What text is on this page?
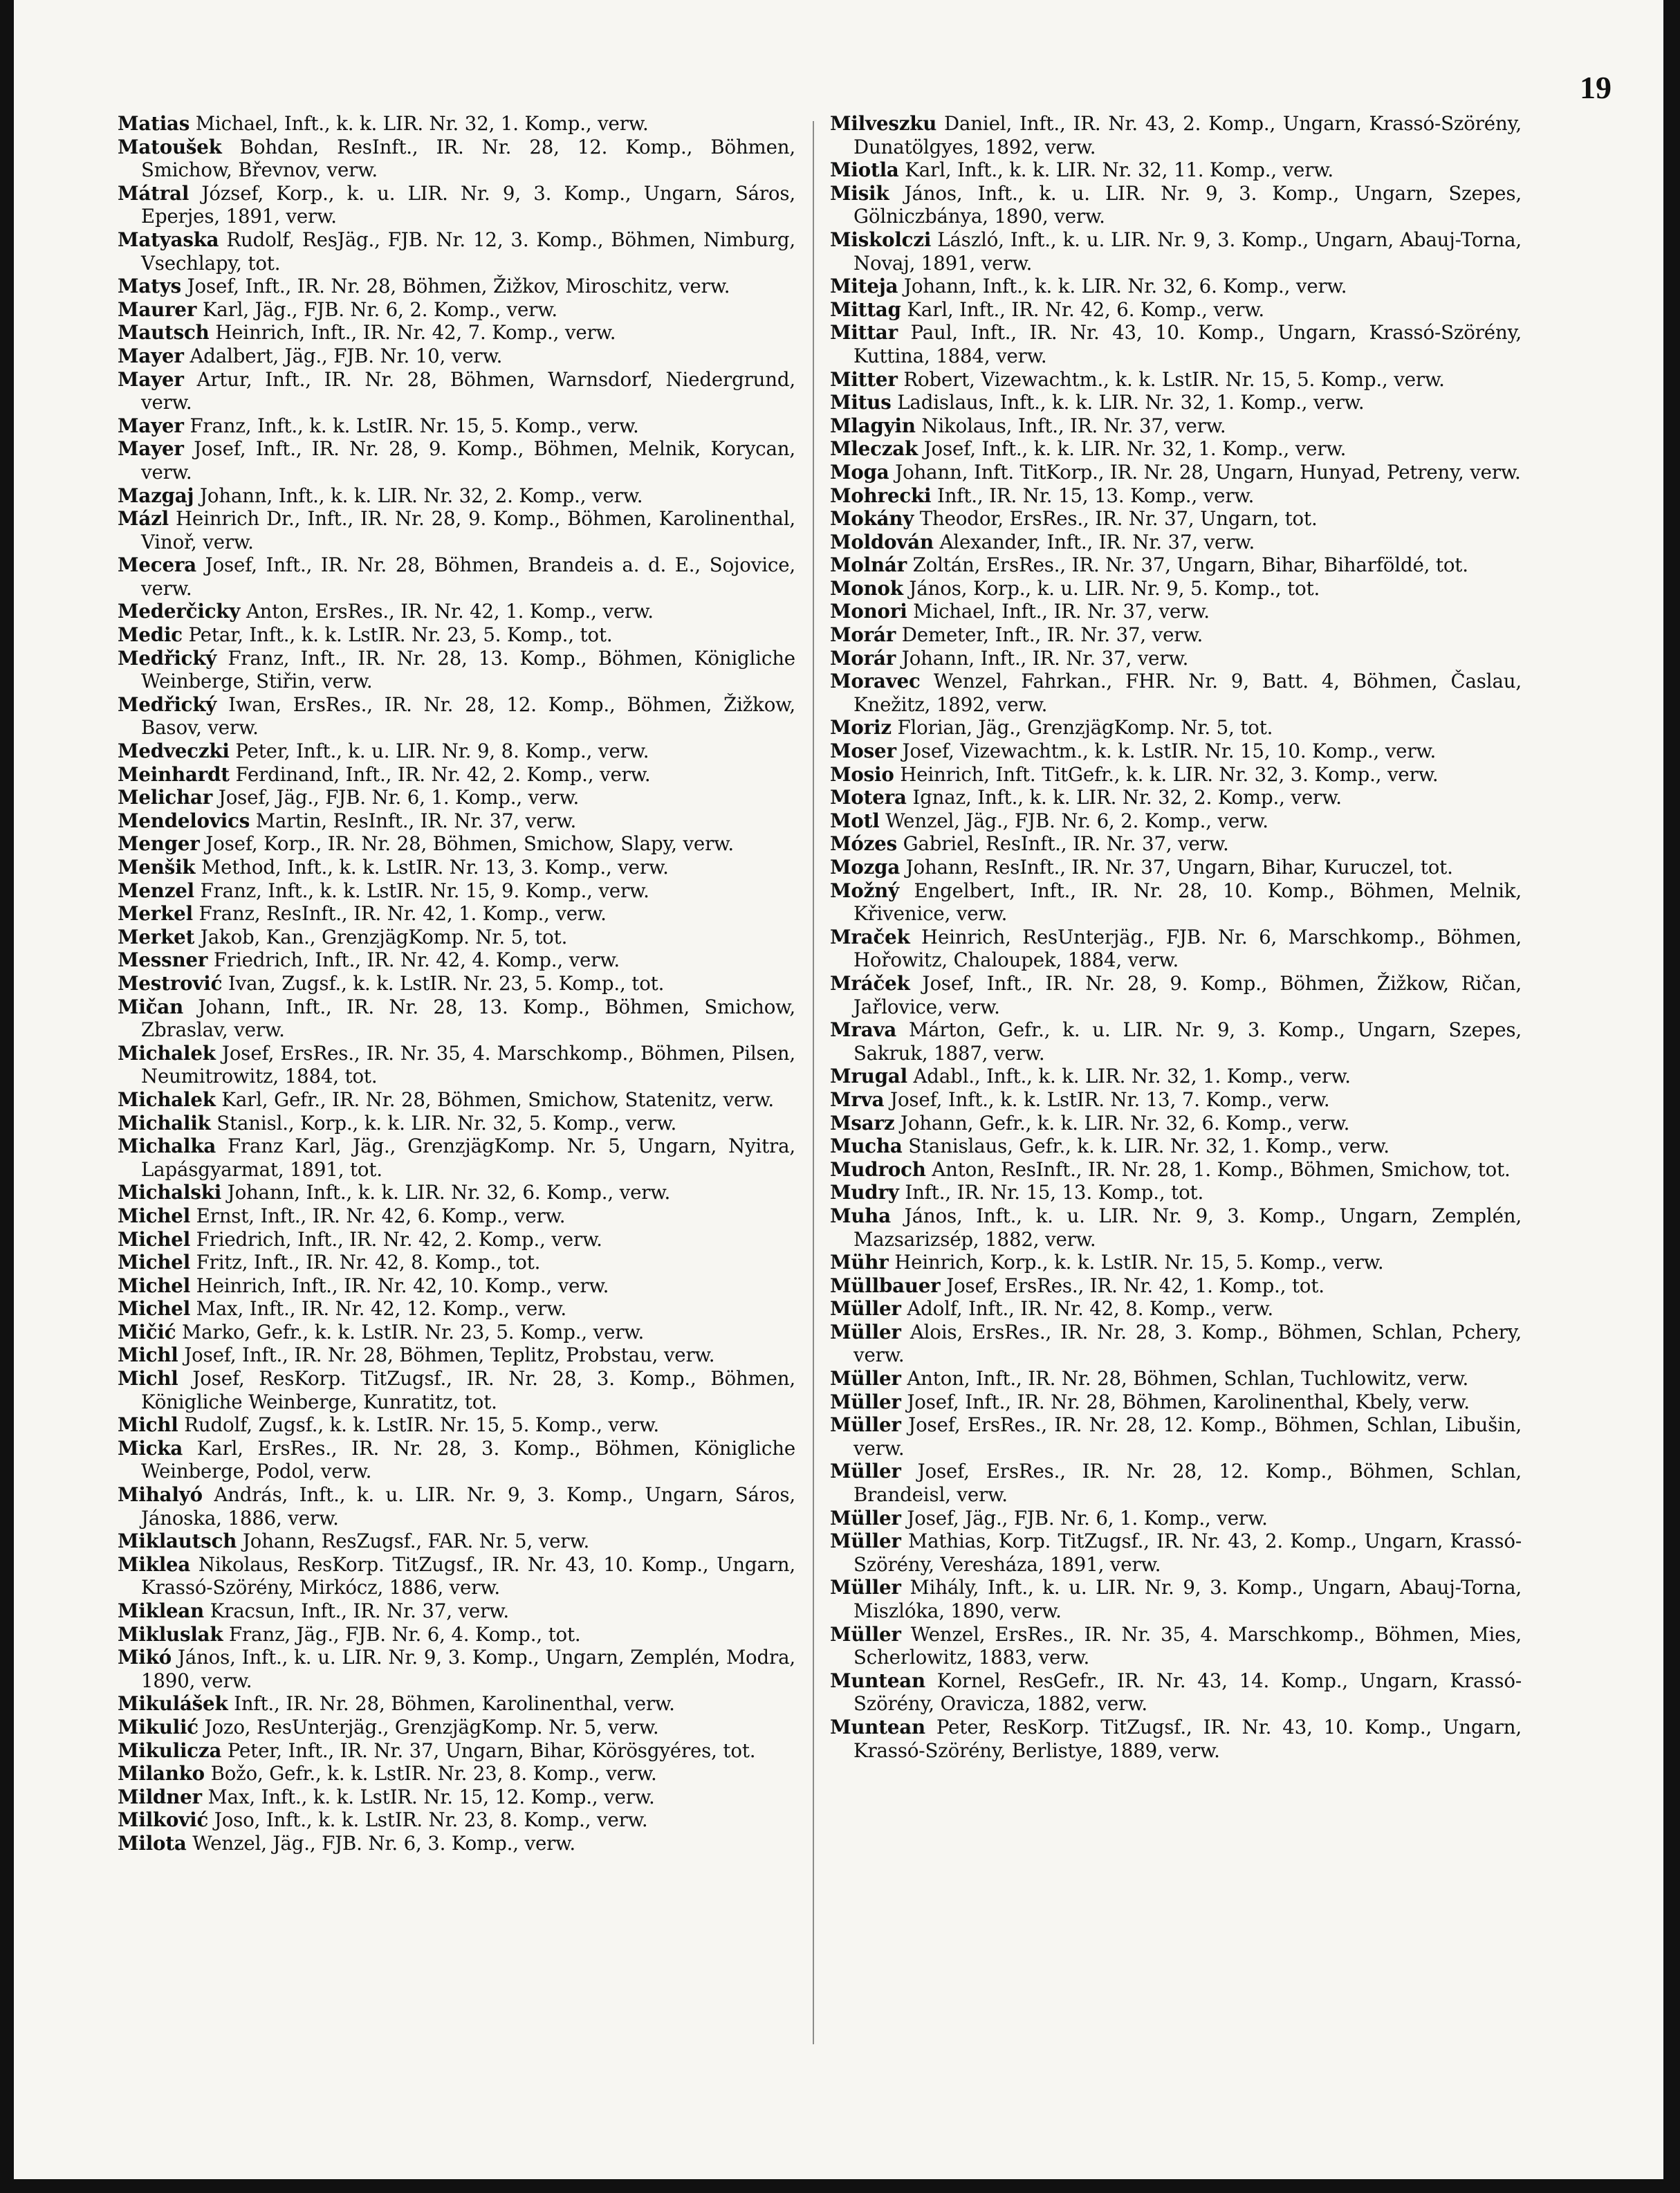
19

Matias Michael, Inft., k. k. LIR. Nr. 32, 1. Komp., verw.

Matoušek Bohdan, ResInft., IR. Nr. 28, 12. Komp., Böhmen, Smichow, Břevnov, verw.

Mátral József, Korp., k. u. LIR. Nr. 9, 3. Komp., Ungarn, Sáros, Eperjes, 1891, verw.

Matyaska Rudolf, ResJäg., FJB. Nr. 12, 3. Komp., Böhmen, Nimburg, Vsechlapy, tot.

Matys Josef, Inft., IR. Nr. 28, Böhmen, Žižkov, Miroschitz, verw.

Maurer Karl, Jäg., FJB. Nr. 6, 2. Komp., verw.

Mautsch Heinrich, Inft., IR. Nr. 42, 7. Komp., verw.

Mayer Adalbert, Jäg., FJB. Nr. 10, verw.

Mayer Artur, Inft., IR. Nr. 28, Böhmen, Warnsdorf, Niedergrund, verw.

Mayer Franz, Inft., k. k. LstIR. Nr. 15, 5. Komp., verw.

Mayer Josef, Inft., IR. Nr. 28, 9. Komp., Böhmen, Melnik, Korycan, verw.

Mazgaj Johann, Inft., k. k. LIR. Nr. 32, 2. Komp., verw.

Mázl Heinrich Dr., Inft., IR. Nr. 28, 9. Komp., Böhmen, Karolinenthal, Vinoř, verw.

Mecera Josef, Inft., IR. Nr. 28, Böhmen, Brandeis a. d. E., Sojovice, verw.

Mederčicky Anton, ErsRes., IR. Nr. 42, 1. Komp., verw.

Medic Petar, Inft., k. k. LstIR. Nr. 23, 5. Komp., tot.

Medřický Franz, Inft., IR. Nr. 28, 13. Komp., Böhmen, Königliche Weinberge, Stiřin, verw.

Medřický Iwan, ErsRes., IR. Nr. 28, 12. Komp., Böhmen, Žižkow, Basov, verw.

Medveczki Peter, Inft., k. u. LIR. Nr. 9, 8. Komp., verw.

Meinhardt Ferdinand, Inft., IR. Nr. 42, 2. Komp., verw.

Melichar Josef, Jäg., FJB. Nr. 6, 1. Komp., verw.

Mendelovics Martin, ResInft., IR. Nr. 37, verw.

Menger Josef, Korp., IR. Nr. 28, Böhmen, Smichow, Slapy, verw.

Menšik Method, Inft., k. k. LstIR. Nr. 13, 3. Komp., verw.

Menzel Franz, Inft., k. k. LstIR. Nr. 15, 9. Komp., verw.

Merkel Franz, ResInft., IR. Nr. 42, 1. Komp., verw.

Merket Jakob, Kan., GrenzjägKomp. Nr. 5, tot.

Messner Friedrich, Inft., IR. Nr. 42, 4. Komp., verw.

Mestrović Ivan, Zugsf., k. k. LstIR. Nr. 23, 5. Komp., tot.

Mičan Johann, Inft., IR. Nr. 28, 13. Komp., Böhmen, Smichow, Zbraslav, verw.

Michalek Josef, ErsRes., IR. Nr. 35, 4. Marschkomp., Böhmen, Pilsen, Neumitrowitz, 1884, tot.

Michalek Karl, Gefr., IR. Nr. 28, Böhmen, Smichow, Statenitz, verw.

Michalik Stanisl., Korp., k. k. LIR. Nr. 32, 5. Komp., verw.

Michalka Franz Karl, Jäg., GrenzjägKomp. Nr. 5, Ungarn, Nyitra, Lapásgyarmat, 1891, tot.

Michalski Johann, Inft., k. k. LIR. Nr. 32, 6. Komp., verw.

Michel Ernst, Inft., IR. Nr. 42, 6. Komp., verw.

Michel Friedrich, Inft., IR. Nr. 42, 2. Komp., verw.

Michel Fritz, Inft., IR. Nr. 42, 8. Komp., tot.

Michel Heinrich, Inft., IR. Nr. 42, 10. Komp., verw.

Michel Max, Inft., IR. Nr. 42, 12. Komp., verw.

Mičić Marko, Gefr., k. k. LstIR. Nr. 23, 5. Komp., verw.

Michl Josef, Inft., IR. Nr. 28, Böhmen, Teplitz, Probstau, verw.

Michl Josef, ResKorp. TitZugsf., IR. Nr. 28, 3. Komp., Böhmen, Königliche Weinberge, Kunratitz, tot.

Michl Rudolf, Zugsf., k. k. LstIR. Nr. 15, 5. Komp., verw.

Micka Karl, ErsRes., IR. Nr. 28, 3. Komp., Böhmen, Königliche Weinberge, Podol, verw.

Mihalyó András, Inft., k. u. LIR. Nr. 9, 3. Komp., Ungarn, Sáros, Jánoska, 1886, verw.

Miklautsch Johann, ResZugsf., FAR. Nr. 5, verw.

Miklea Nikolaus, ResKorp. TitZugsf., IR. Nr. 43, 10. Komp., Ungarn, Krassó-Szörény, Mirkócz, 1886, verw.

Miklean Kracsun, Inft., IR. Nr. 37, verw.

Mikluslak Franz, Jäg., FJB. Nr. 6, 4. Komp., tot.

Mikó János, Inft., k. u. LIR. Nr. 9, 3. Komp., Ungarn, Zemplén, Modra, 1890, verw.

Mikulášek Inft., IR. Nr. 28, Böhmen, Karolinenthal, verw.

Mikulić Jozo, ResUnterjäg., GrenzjägKomp. Nr. 5, verw.

Mikulicza Peter, Inft., IR. Nr. 37, Ungarn, Bihar, Körösgyéres, tot.

Milanko Božo, Gefr., k. k. LstIR. Nr. 23, 8. Komp., verw.

Mildner Max, Inft., k. k. LstIR. Nr. 15, 12. Komp., verw.

Milković Joso, Inft., k. k. LstIR. Nr. 23, 8. Komp., verw.

Milota Wenzel, Jäg., FJB. Nr. 6, 3. Komp., verw.

Milveszku Daniel, Inft., IR. Nr. 43, 2. Komp., Ungarn, Krassó-Szörény, Dunatölgyes, 1892, verw.

Miotla Karl, Inft., k. k. LIR. Nr. 32, 11. Komp., verw.

Misik János, Inft., k. u. LIR. Nr. 9, 3. Komp., Ungarn, Szepes, Gölniczbánya, 1890, verw.

Miskolczi László, Inft., k. u. LIR. Nr. 9, 3. Komp., Ungarn, Abauj-Torna, Novaj, 1891, verw.

Miteja Johann, Inft., k. k. LIR. Nr. 32, 6. Komp., verw.

Mittag Karl, Inft., IR. Nr. 42, 6. Komp., verw.

Mittar Paul, Inft., IR. Nr. 43, 10. Komp., Ungarn, Krassó-Szörény, Kuttina, 1884, verw.

Mitter Robert, Vizewachtm., k. k. LstIR. Nr. 15, 5. Komp., verw.

Mitus Ladislaus, Inft., k. k. LIR. Nr. 32, 1. Komp., verw.

Mlagyin Nikolaus, Inft., IR. Nr. 37, verw.

Mleczak Josef, Inft., k. k. LIR. Nr. 32, 1. Komp., verw.

Moga Johann, Inft. TitKorp., IR. Nr. 28, Ungarn, Hunyad, Petreny, verw.

Mohrecki Inft., IR. Nr. 15, 13. Komp., verw.

Mokány Theodor, ErsRes., IR. Nr. 37, Ungarn, tot.

Moldován Alexander, Inft., IR. Nr. 37, verw.

Molnár Zoltán, ErsRes., IR. Nr. 37, Ungarn, Bihar, Biharföldé, tot.

Monok János, Korp., k. u. LIR. Nr. 9, 5. Komp., tot.

Monori Michael, Inft., IR. Nr. 37, verw.

Morár Demeter, Inft., IR. Nr. 37, verw.

Morár Johann, Inft., IR. Nr. 37, verw.

Moravec Wenzel, Fahrkan., FHR. Nr. 9, Batt. 4, Böhmen, Časlau, Knežitz, 1892, verw.

Moriz Florian, Jäg., GrenzjägKomp. Nr. 5, tot.

Moser Josef, Vizewachtm., k. k. LstIR. Nr. 15, 10. Komp., verw.

Mosio Heinrich, Inft. TitGefr., k. k. LIR. Nr. 32, 3. Komp., verw.

Motera Ignaz, Inft., k. k. LIR. Nr. 32, 2. Komp., verw.

Motl Wenzel, Jäg., FJB. Nr. 6, 2. Komp., verw.

Mózes Gabriel, ResInft., IR. Nr. 37, verw.

Mozga Johann, ResInft., IR. Nr. 37, Ungarn, Bihar, Kuruczel, tot.

Možný Engelbert, Inft., IR. Nr. 28, 10. Komp., Böhmen, Melnik, Křivenice, verw.

Mraček Heinrich, ResUnterjäg., FJB. Nr. 6, Marschkomp., Böhmen, Hořowitz, Chaloupek, 1884, verw.

Mráček Josef, Inft., IR. Nr. 28, 9. Komp., Böhmen, Žižkow, Ričan, Jařlovice, verw.

Mrava Márton, Gefr., k. u. LIR. Nr. 9, 3. Komp., Ungarn, Szepes, Sakruk, 1887, verw.

Mrugal Adabl., Inft., k. k. LIR. Nr. 32, 1. Komp., verw.

Mrva Josef, Inft., k. k. LstIR. Nr. 13, 7. Komp., verw.

Msarz Johann, Gefr., k. k. LIR. Nr. 32, 6. Komp., verw.

Mucha Stanislaus, Gefr., k. k. LIR. Nr. 32, 1. Komp., verw.

Mudroch Anton, ResInft., IR. Nr. 28, 1. Komp., Böhmen, Smichow, tot.

Mudry Inft., IR. Nr. 15, 13. Komp., tot.

Muha János, Inft., k. u. LIR. Nr. 9, 3. Komp., Ungarn, Zemplén, Mazsarizsép, 1882, verw.

Mühr Heinrich, Korp., k. k. LstIR. Nr. 15, 5. Komp., verw.

Müllbauer Josef, ErsRes., IR. Nr. 42, 1. Komp., tot.

Müller Adolf, Inft., IR. Nr. 42, 8. Komp., verw.

Müller Alois, ErsRes., IR. Nr. 28, 3. Komp., Böhmen, Schlan, Pchery, verw.

Müller Anton, Inft., IR. Nr. 28, Böhmen, Schlan, Tuchlowitz, verw.

Müller Josef, Inft., IR. Nr. 28, Böhmen, Karolinenthal, Kbely, verw.

Müller Josef, ErsRes., IR. Nr. 28, 12. Komp., Böhmen, Schlan, Libušin, verw.

Müller Josef, ErsRes., IR. Nr. 28, 12. Komp., Böhmen, Schlan, Brandeisl, verw.

Müller Josef, Jäg., FJB. Nr. 6, 1. Komp., verw.

Müller Mathias, Korp. TitZugsf., IR. Nr. 43, 2. Komp., Ungarn, Krassó-Szörény, Veresháza, 1891, verw.

Müller Mihály, Inft., k. u. LIR. Nr. 9, 3. Komp., Ungarn, Abauj-Torna, Miszlóka, 1890, verw.

Müller Wenzel, ErsRes., IR. Nr. 35, 4. Marschkomp., Böhmen, Mies, Scherlowitz, 1883, verw.

Muntean Kornel, ResGefr., IR. Nr. 43, 14. Komp., Ungarn, Krassó-Szörény, Oravicza, 1882, verw.

Muntean Peter, ResKorp. TitZugsf., IR. Nr. 43, 10. Komp., Ungarn, Krassó-Szörény, Berlistye, 1889, verw.
